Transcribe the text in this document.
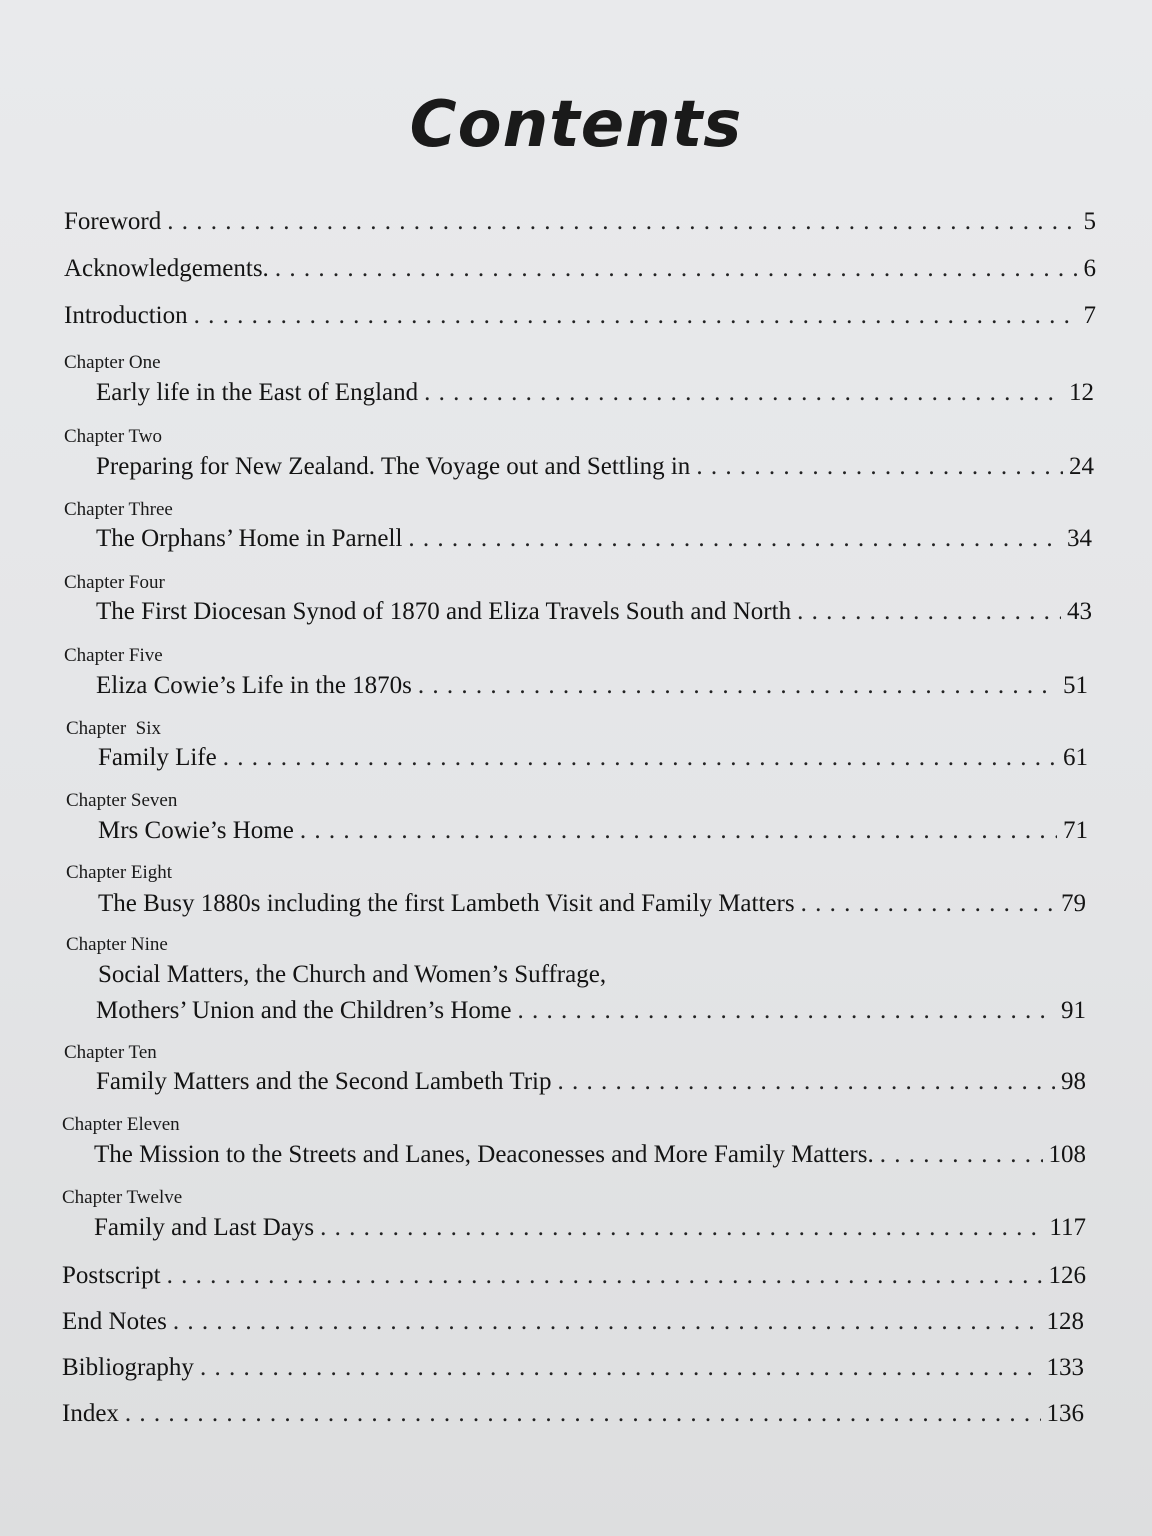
Contents
Foreword . . .	5
Acknowledgements. . . .	6
Introduction . . .	7
Chapter One
Early life in the East of England . . .	12
Chapter Two
Preparing for New Zealand. The Voyage out and Settling in . . .	24
Chapter Three
The Orphans’ Home in Parnell . . .	34
Chapter Four
The First Diocesan Synod of 1870 and Eliza Travels South and North . . .	43
Chapter Five
Eliza Cowie’s Life in the 1870s . . .	51
Chapter  Six
Family Life . . .	61
Chapter Seven
Mrs Cowie’s Home . . .	71
Chapter Eight
The Busy 1880s including the first Lambeth Visit and Family Matters . . .	79
Chapter Nine
Social Matters, the Church and Women’s Suffrage,
Mothers’ Union and the Children’s Home . . .	91
Chapter Ten
Family Matters and the Second Lambeth Trip . . .	98
Chapter Eleven
The Mission to the Streets and Lanes, Deaconesses and More Family Matters. . . .	108
Chapter Twelve
Family and Last Days . . .	117
Postscript . . .	126
End Notes . . .	128
Bibliography . . .	133
Index . . .	136
